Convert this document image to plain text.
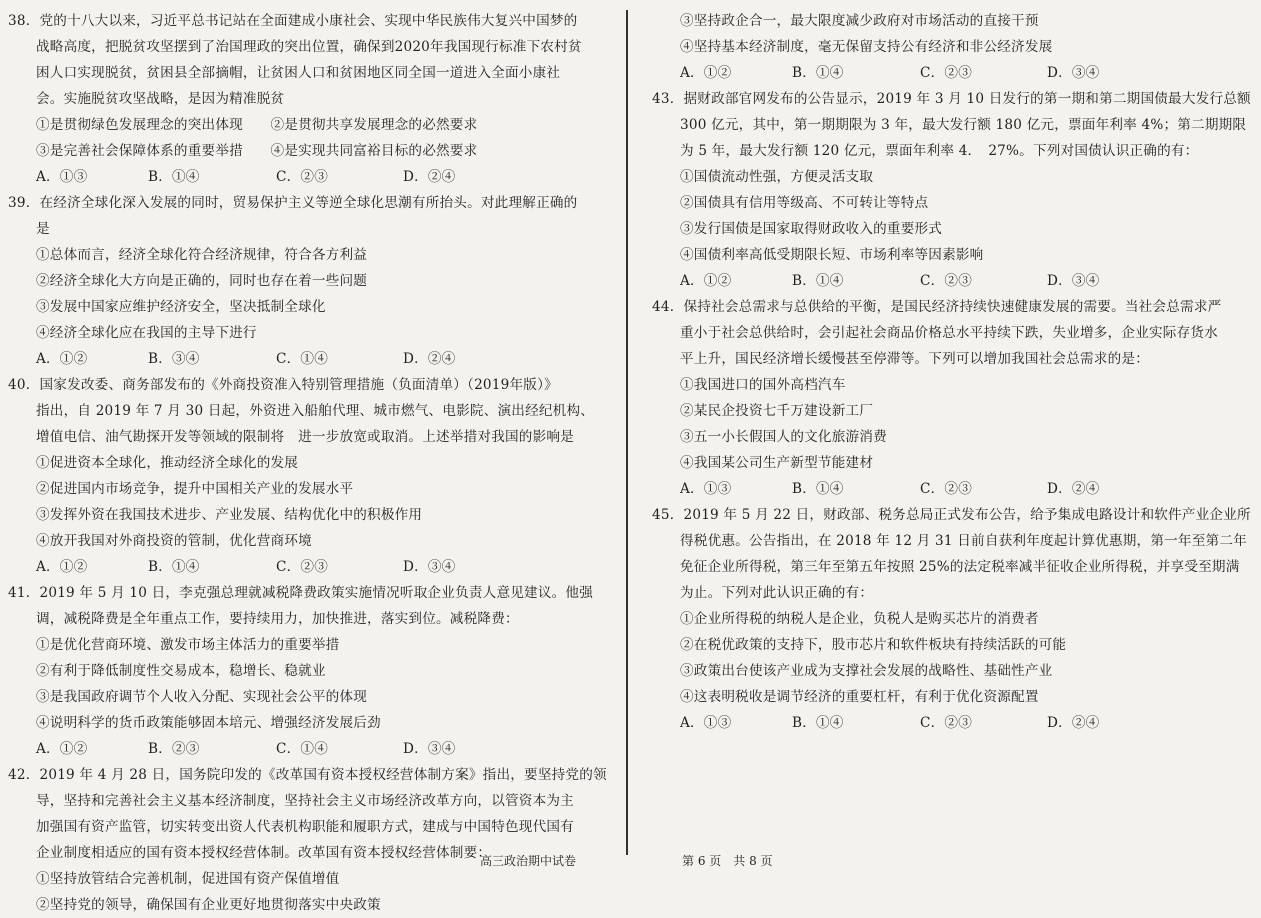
38．党的十八大以来，习近平总书记站在全面建成小康社会、实现中华民族伟大复兴中国梦的
战略高度，把脱贫攻坚摆到了治国理政的突出位置，确保到2020年我国现行标准下农村贫
困人口实现脱贫，贫困县全部摘帽，让贫困人口和贫困地区同全国一道进入全面小康社
会。实施脱贫攻坚战略，是因为精准脱贫
①是贯彻绿色发展理念的突出体现　　②是贯彻共享发展理念的必然要求
③是完善社会保障体系的重要举措　　④是实现共同富裕目标的必然要求
A．①③	B．①④	C．②③	D．②④
39．在经济全球化深入发展的同时，贸易保护主义等逆全球化思潮有所抬头。对此理解正确的
是
①总体而言，经济全球化符合经济规律，符合各方利益
②经济全球化大方向是正确的，同时也存在着一些问题
③发展中国家应维护经济安全，坚决抵制全球化
④经济全球化应在我国的主导下进行
A．①②	B．③④	C．①④	D．②④
40．国家发改委、商务部发布的《外商投资准入特别管理措施（负面清单）（2019年版）》
指出，自 2019 年 7 月 30 日起，外资进入船舶代理、城市燃气、电影院、演出经纪机构、
增值电信、油气勘探开发等领域的限制将　进一步放宽或取消。上述举措对我国的影响是
①促进资本全球化，推动经济全球化的发展
②促进国内市场竞争，提升中国相关产业的发展水平
③发挥外资在我国技术进步、产业发展、结构优化中的积极作用
④放开我国对外商投资的管制，优化营商环境
A．①②	B．①④	C．②③	D．③④
41．2019 年 5 月 10 日，李克强总理就减税降费政策实施情况听取企业负责人意见建议。他强
调，减税降费是全年重点工作，要持续用力，加快推进，落实到位。减税降费：
①是优化营商环境、激发市场主体活力的重要举措
②有利于降低制度性交易成本，稳增长、稳就业
③是我国政府调节个人收入分配、实现社会公平的体现
④说明科学的货币政策能够固本培元、增强经济发展后劲
A．①②	B．②③	C．①④	D．③④
42．2019 年 4 月 28 日，国务院印发的《改革国有资本授权经营体制方案》指出，要坚持党的领
导，坚持和完善社会主义基本经济制度，坚持社会主义市场经济改革方向，以管资本为主
加强国有资产监管，切实转变出资人代表机构职能和履职方式，建成与中国特色现代国有
企业制度相适应的国有资本授权经营体制。改革国有资本授权经营体制要：
①坚持放管结合完善机制，促进国有资产保值增值
②坚持党的领导，确保国有企业更好地贯彻落实中央政策
③坚持政企合一，最大限度减少政府对市场活动的直接干预
④坚持基本经济制度，毫无保留支持公有经济和非公经济发展
A．①②	B．①④	C．②③	D．③④
43．据财政部官网发布的公告显示，2019 年 3 月 10 日发行的第一期和第二期国债最大发行总额
300 亿元，其中，第一期期限为 3 年，最大发行额 180 亿元，票面年利率 4%；第二期期限
为 5 年，最大发行额 120 亿元，票面年利率 4．　27%。下列对国债认识正确的有：
①国债流动性强，方便灵活支取
②国债具有信用等级高、不可转让等特点
③发行国债是国家取得财政收入的重要形式
④国债利率高低受期限长短、市场利率等因素影响
A．①②	B．①④	C．②③	D．③④
44．保持社会总需求与总供给的平衡，是国民经济持续快速健康发展的需要。当社会总需求严
重小于社会总供给时，会引起社会商品价格总水平持续下跌，失业增多，企业实际存货水
平上升，国民经济增长缓慢甚至停滞等。下列可以增加我国社会总需求的是：
①我国进口的国外高档汽车
②某民企投资七千万建设新工厂
③五一小长假国人的文化旅游消费
④我国某公司生产新型节能建材
A．①③	B．①④	C．②③	D．②④
45．2019 年 5 月 22 日，财政部、税务总局正式发布公告，给予集成电路设计和软件产业企业所
得税优惠。公告指出，在 2018 年 12 月 31 日前自获利年度起计算优惠期，第一年至第二年
免征企业所得税，第三年至第五年按照 25%的法定税率减半征收企业所得税，并享受至期满
为止。下列对此认识正确的有：
①企业所得税的纳税人是企业，负税人是购买芯片的消费者
②在税优政策的支持下，股市芯片和软件板块有持续活跃的可能
③政策出台使该产业成为支撑社会发展的战略性、基础性产业
④这表明税收是调节经济的重要杠杆，有利于优化资源配置
A．①③	B．①④	C．②③	D．②④
高三政治期中试卷	第 6 页　共 8 页
